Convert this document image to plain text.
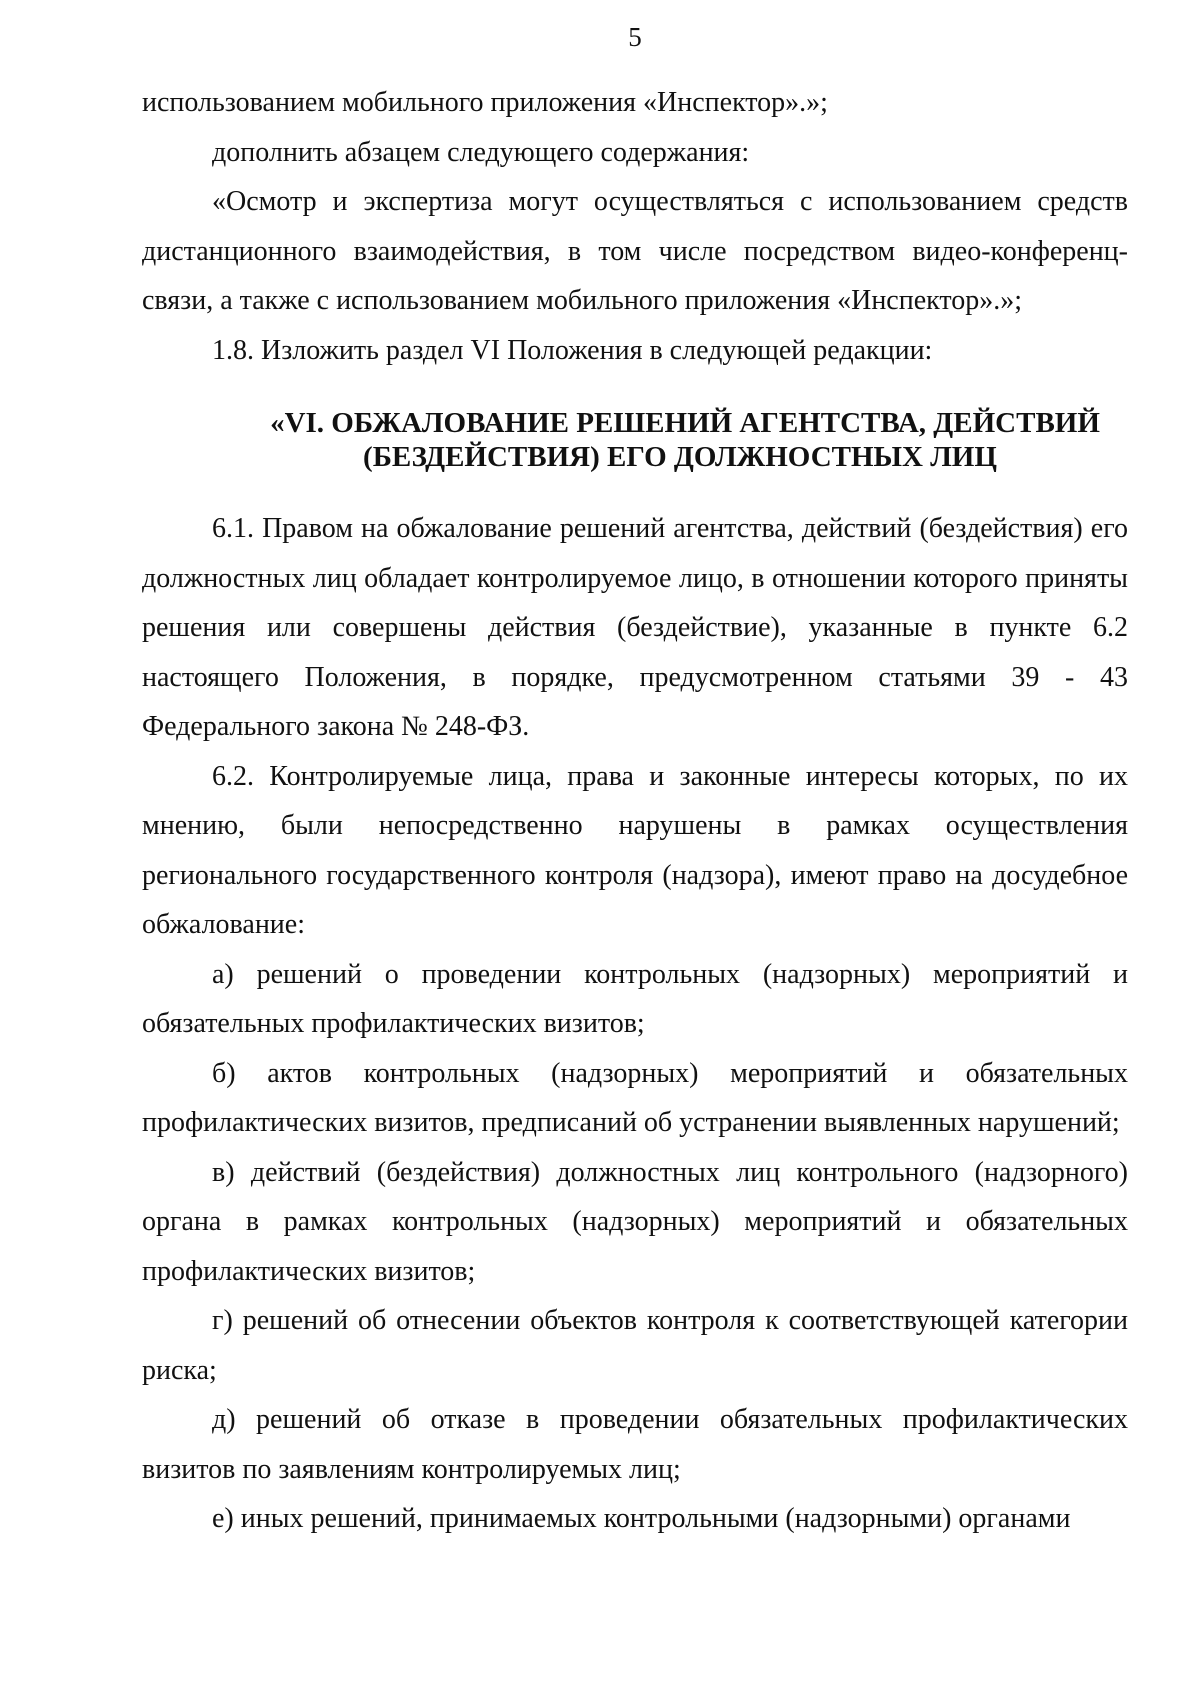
5

использованием мобильного приложения «Инспектор».»;

дополнить абзацем следующего содержания:

«Осмотр и экспертиза могут осуществляться с использованием средств дистанционного взаимодействия, в том числе посредством видео-конференц-связи, а также с использованием мобильного приложения «Инспектор».»;

1.8. Изложить раздел VI Положения в следующей редакции:

«VI. ОБЖАЛОВАНИЕ РЕШЕНИЙ АГЕНТСТВА, ДЕЙСТВИЙ
(БЕЗДЕЙСТВИЯ) ЕГО ДОЛЖНОСТНЫХ ЛИЦ

6.1. Правом на обжалование решений агентства, действий (бездействия) его должностных лиц обладает контролируемое лицо, в отношении которого приняты решения или совершены действия (бездействие), указанные в пункте 6.2 настоящего Положения, в порядке, предусмотренном статьями 39 - 43 Федерального закона № 248-ФЗ.

6.2. Контролируемые лица, права и законные интересы которых, по их мнению, были непосредственно нарушены в рамках осуществления регионального государственного контроля (надзора), имеют право на досудебное обжалование:

а) решений о проведении контрольных (надзорных) мероприятий и обязательных профилактических визитов;

б) актов контрольных (надзорных) мероприятий и обязательных профилактических визитов, предписаний об устранении выявленных нарушений;

в) действий (бездействия) должностных лиц контрольного (надзорного) органа в рамках контрольных (надзорных) мероприятий и обязательных профилактических визитов;

г) решений об отнесении объектов контроля к соответствующей категории риска;

д) решений об отказе в проведении обязательных профилактических визитов по заявлениям контролируемых лиц;

е) иных решений, принимаемых контрольными (надзорными) органами
